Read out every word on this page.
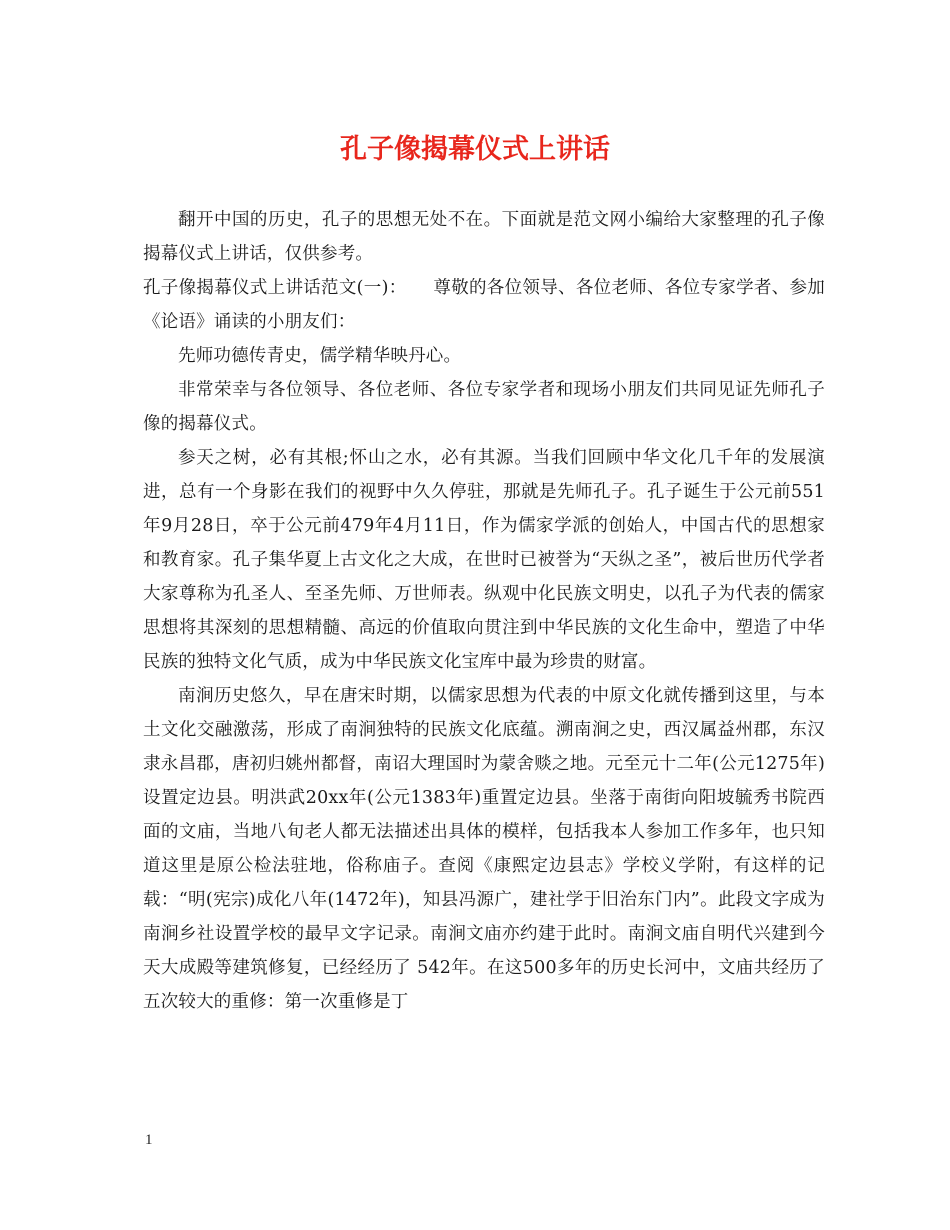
孔子像揭幕仪式上讲话

翻开中国的历史，孔子的思想无处不在。下面就是范文网小编给大家整理的孔子像揭幕仪式上讲话，仅供参考。

孔子像揭幕仪式上讲话范文(一)：　　尊敬的各位领导、各位老师、各位专家学者、参加《论语》诵读的小朋友们：

先师功德传青史，儒学精华映丹心。

非常荣幸与各位领导、各位老师、各位专家学者和现场小朋友们共同见证先师孔子像的揭幕仪式。

参天之树，必有其根;怀山之水，必有其源。当我们回顾中华文化几千年的发展演进，总有一个身影在我们的视野中久久停驻，那就是先师孔子。孔子诞生于公元前551年9月28日，卒于公元前479年4月11日，作为儒家学派的创始人，中国古代的思想家和教育家。孔子集华夏上古文化之大成，在世时已被誉为“天纵之圣”，被后世历代学者大家尊称为孔圣人、至圣先师、万世师表。纵观中化民族文明史，以孔子为代表的儒家思想将其深刻的思想精髓、高远的价值取向贯注到中华民族的文化生命中，塑造了中华民族的独特文化气质，成为中华民族文化宝库中最为珍贵的财富。

南涧历史悠久，早在唐宋时期，以儒家思想为代表的中原文化就传播到这里，与本土文化交融激荡，形成了南涧独特的民族文化底蕴。溯南涧之史，西汉属益州郡，东汉隶永昌郡，唐初归姚州都督，南诏大理国时为蒙舍赕之地。元至元十二年(公元1275年)设置定边县。明洪武20xx年(公元1383年)重置定边县。坐落于南街向阳坡毓秀书院西面的文庙，当地八旬老人都无法描述出具体的模样，包括我本人参加工作多年，也只知道这里是原公检法驻地，俗称庙子。查阅《康熙定边县志》学校义学附，有这样的记载：“明(宪宗)成化八年(1472年)，知县冯源广，建社学于旧治东门内”。此段文字成为南涧乡社设置学校的最早文字记录。南涧文庙亦约建于此时。南涧文庙自明代兴建到今天大成殿等建筑修复，已经经历了 542年。在这500多年的历史长河中，文庙共经历了五次较大的重修：第一次重修是丁

1
